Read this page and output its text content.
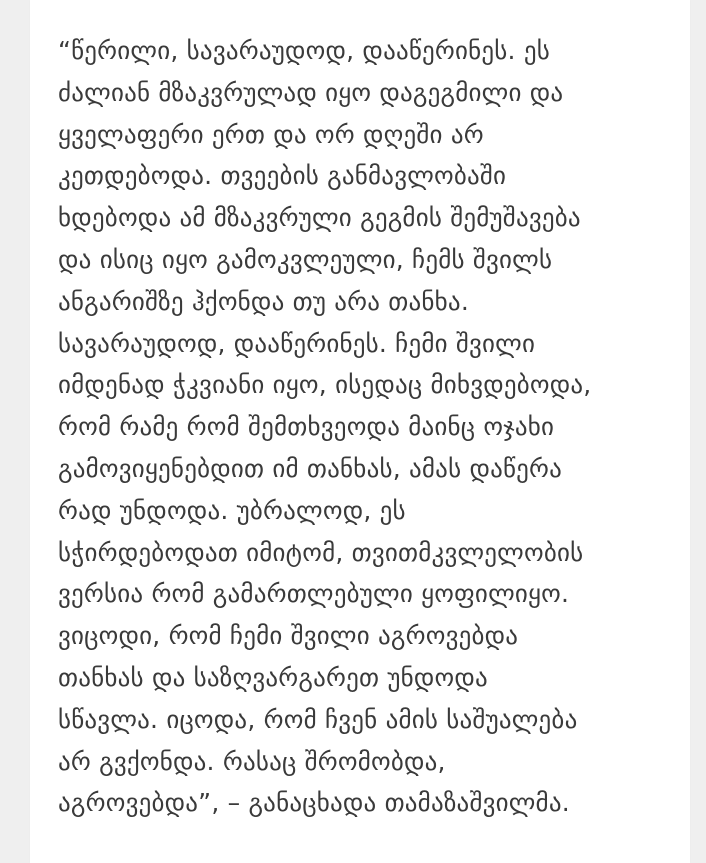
“წერილი, სავარაუდოდ, დააწერინეს. ეს
ძალიან მზაკვრულად იყო დაგეგმილი და
ყველაფერი ერთ და ორ დღეში არ
კეთდებოდა. თვეების განმავლობაში
ხდებოდა ამ მზაკვრული გეგმის შემუშავება
და ისიც იყო გამოკვლეული, ჩემს შვილს
ანგარიშზე ჰქონდა თუ არა თანხა.
სავარაუდოდ, დააწერინეს. ჩემი შვილი
იმდენად ჭკვიანი იყო, ისედაც მიხვდებოდა,
რომ რამე რომ შემთხვეოდა მაინც ოჯახი
გამოვიყენებდით იმ თანხას, ამას დაწერა
რად უნდოდა. უბრალოდ, ეს
სჭირდებოდათ იმიტომ, თვითმკვლელობის
ვერსია რომ გამართლებული ყოფილიყო.
ვიცოდი, რომ ჩემი შვილი აგროვებდა
თანხას და საზღვარგარეთ უნდოდა
სწავლა. იცოდა, რომ ჩვენ ამის საშუალება
არ გვქონდა. რასაც შრომობდა,
აგროვებდა”, – განაცხადა თამაზაშვილმა.
